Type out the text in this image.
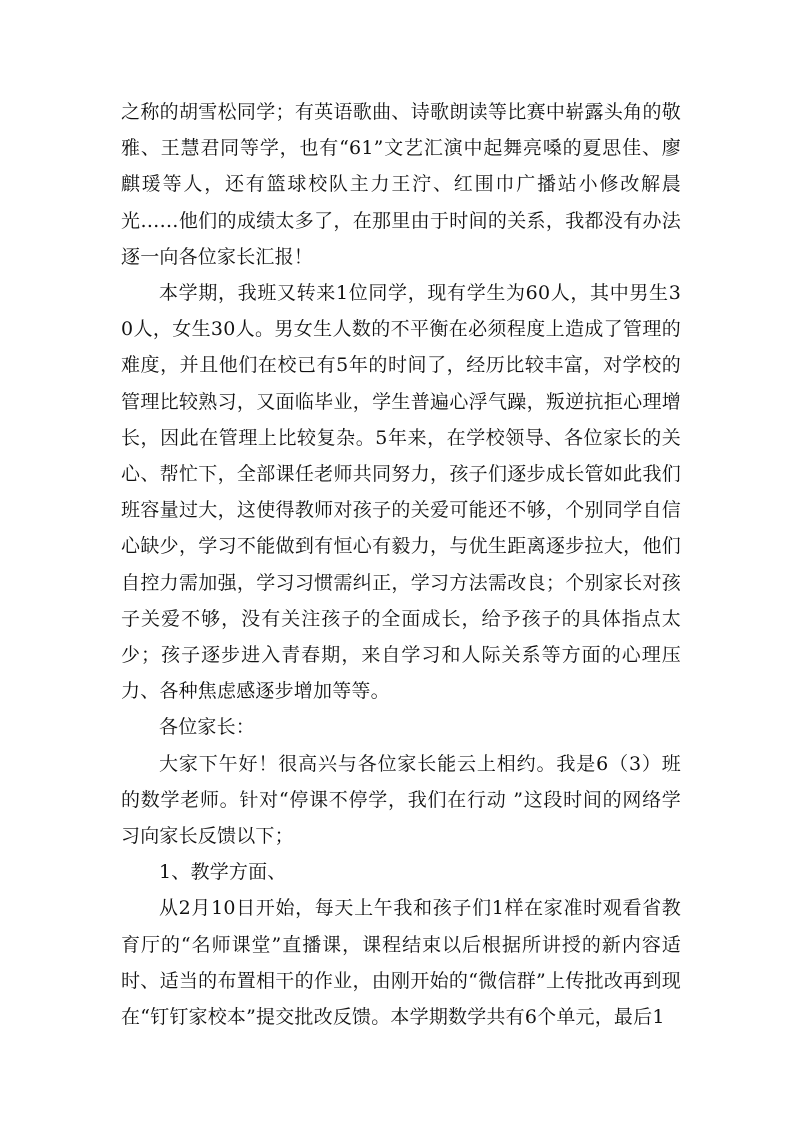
之称的胡雪松同学；有英语歌曲、诗歌朗读等比赛中崭露头角的敬雅、王慧君同等学，也有“61”文艺汇演中起舞亮嗓的夏思佳、廖麒瑗等人，还有篮球校队主力王泞、红围巾广播站小修改解晨光……他们的成绩太多了，在那里由于时间的关系，我都没有办法逐一向各位家长汇报！

本学期，我班又转来1位同学，现有学生为60人，其中男生30人，女生30人。男女生人数的不平衡在必须程度上造成了管理的难度，并且他们在校已有5年的时间了，经历比较丰富，对学校的管理比较熟习，又面临毕业，学生普遍心浮气躁，叛逆抗拒心理增长，因此在管理上比较复杂。5年来，在学校领导、各位家长的关心、帮忙下，全部课任老师共同努力，孩子们逐步成长管如此我们班容量过大，这使得教师对孩子的关爱可能还不够，个别同学自信心缺少，学习不能做到有恒心有毅力，与优生距离逐步拉大，他们自控力需加强，学习习惯需纠正，学习方法需改良；个别家长对孩子关爱不够，没有关注孩子的全面成长，给予孩子的具体指点太少；孩子逐步进入青春期，来自学习和人际关系等方面的心理压力、各种焦虑感逐步增加等等。

各位家长：

大家下午好！很高兴与各位家长能云上相约。我是6（3）班的数学老师。针对“停课不停学，我们在行动 ”这段时间的网络学习向家长反馈以下；

1、教学方面、

从2月10日开始，每天上午我和孩子们1样在家准时观看省教育厅的“名师课堂”直播课，课程结束以后根据所讲授的新内容适时、适当的布置相干的作业，由刚开始的“微信群”上传批改再到现在“钉钉家校本”提交批改反馈。本学期数学共有6个单元，最后1
